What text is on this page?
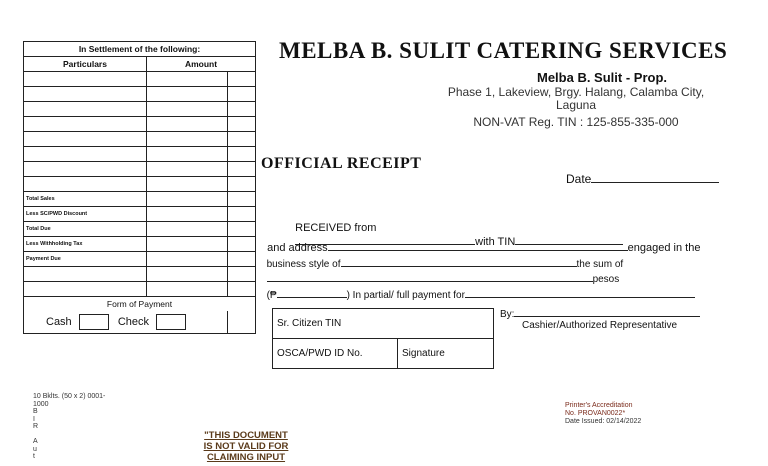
In Settlement of the following:		
Particulars	Amount	

Total Sales		
Less SC/PWD Discount		
Total Due		
Less Withholding Tax		
Payment Due		

Form of Payment		
Cash Check		
MELBA B. SULIT CATERING SERVICES
Melba B. Sulit - Prop.
Phase 1, Lakeview, Brgy. Halang, Calamba City,
Laguna
NON-VAT Reg. TIN : 125-855-335-000
OFFICIAL RECEIPT
Date

RECEIVED from
with TIN

and address	engaged in the

business style of	the sum of

pesos

(₱	) In partial/ full payment for

Sr. Citizen TIN
OSCA/PWD ID No.	Signature
By:
Cashier/Authorized Representative
10 Bklts. (50 x 2) 0001-
1000
B
I
R
A
u
t
"THIS DOCUMENT
IS NOT VALID FOR
CLAIMING INPUT
Printer's Accreditation
No. PROVAN0022*
Date Issued: 02/14/2022
